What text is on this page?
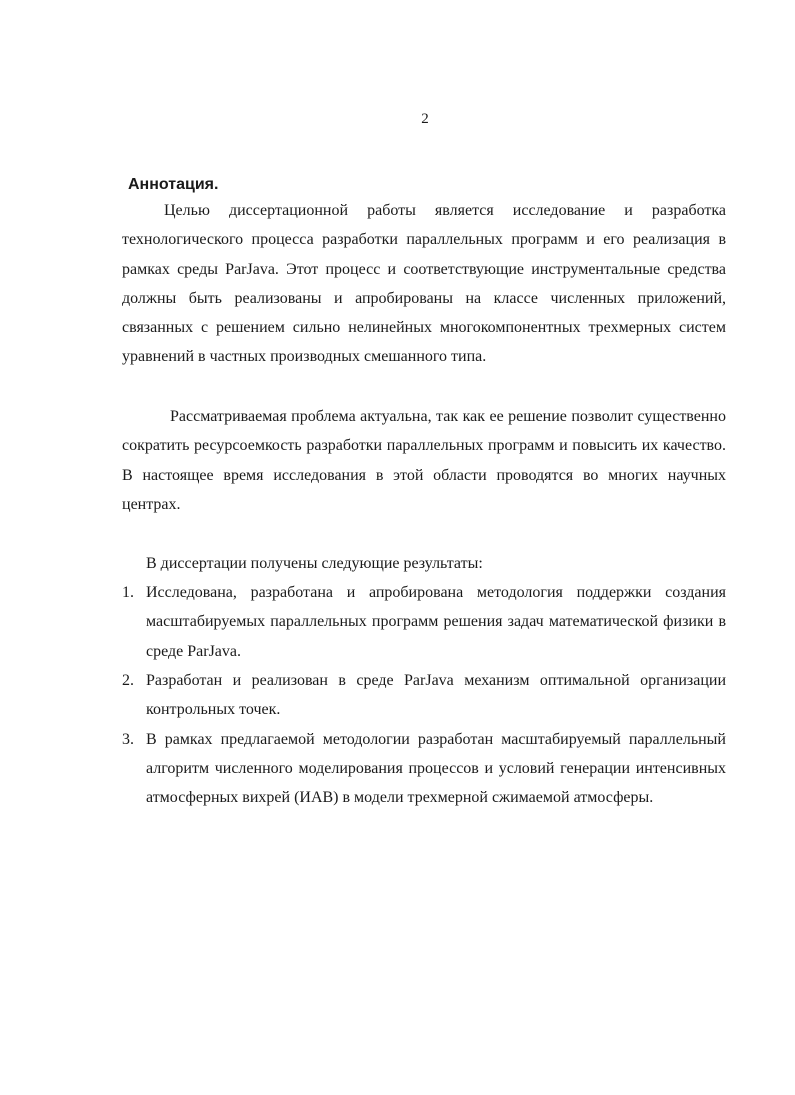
2
Аннотация.

Целью диссертационной работы является исследование и разработка технологического процесса разработки параллельных программ и его реализация в рамках среды ParJava. Этот процесс и соответствующие инструментальные средства должны быть реализованы и апробированы на классе численных приложений, связанных с решением сильно нелинейных многокомпонентных трехмерных систем уравнений в частных производных смешанного типа.

Рассматриваемая проблема актуальна, так как ее решение позволит существенно сократить ресурсоемкость разработки параллельных программ и повысить их качество. В настоящее время исследования в этой области проводятся во многих научных центрах.

В диссертации получены следующие результаты:

1. Исследована, разработана и апробирована методология поддержки создания масштабируемых параллельных программ решения задач математической физики в среде ParJava.
2. Разработан и реализован в среде ParJava механизм оптимальной организации контрольных точек.
3. В рамках предлагаемой методологии разработан масштабируемый параллельный алгоритм численного моделирования процессов и условий генерации интенсивных атмосферных вихрей (ИАВ) в модели трехмерной сжимаемой атмосферы.
